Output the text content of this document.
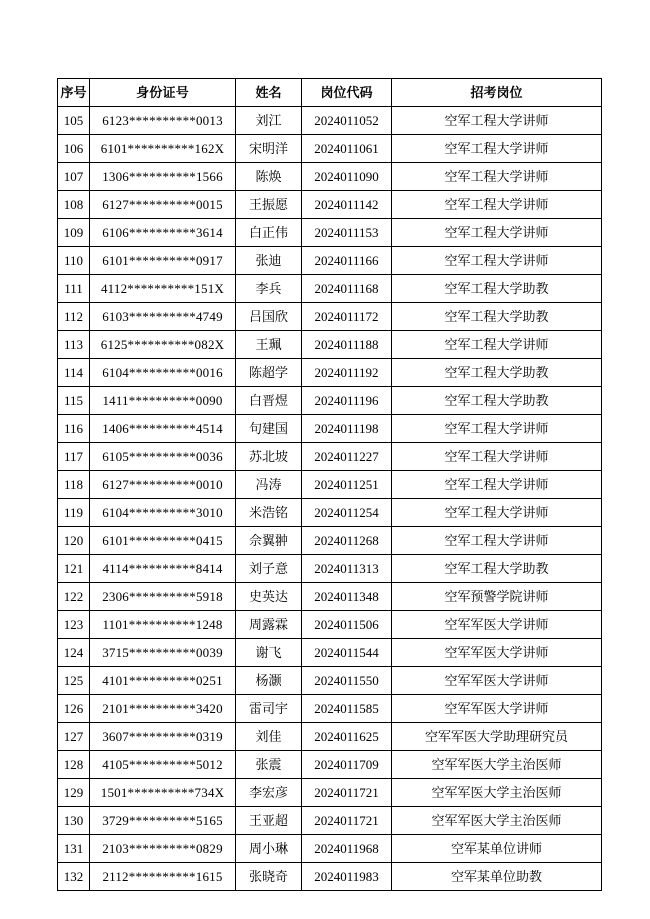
序号	身份证号	姓名	岗位代码	招考岗位
105	6123**********0013	刘江	2024011052	空军工程大学讲师
106	6101**********162X	宋明洋	2024011061	空军工程大学讲师
107	1306**********1566	陈焕	2024011090	空军工程大学讲师
108	6127**********0015	王振愿	2024011142	空军工程大学讲师
109	6106**********3614	白正伟	2024011153	空军工程大学讲师
110	6101**********0917	张迪	2024011166	空军工程大学讲师
111	4112**********151X	李兵	2024011168	空军工程大学助教
112	6103**********4749	吕国欣	2024011172	空军工程大学助教
113	6125**********082X	王珮	2024011188	空军工程大学讲师
114	6104**********0016	陈超学	2024011192	空军工程大学助教
115	1411**********0090	白晋煜	2024011196	空军工程大学助教
116	1406**********4514	句建国	2024011198	空军工程大学讲师
117	6105**********0036	苏北坡	2024011227	空军工程大学讲师
118	6127**********0010	冯涛	2024011251	空军工程大学讲师
119	6104**********3010	米浩铭	2024011254	空军工程大学讲师
120	6101**********0415	佘翼翀	2024011268	空军工程大学讲师
121	4114**********8414	刘子意	2024011313	空军工程大学助教
122	2306**********5918	史英达	2024011348	空军预警学院讲师
123	1101**********1248	周露霖	2024011506	空军军医大学讲师
124	3715**********0039	谢飞	2024011544	空军军医大学讲师
125	4101**********0251	杨灏	2024011550	空军军医大学讲师
126	2101**********3420	雷司宇	2024011585	空军军医大学讲师
127	3607**********0319	刘佳	2024011625	空军军医大学助理研究员
128	4105**********5012	张震	2024011709	空军军医大学主治医师
129	1501**********734X	李宏彦	2024011721	空军军医大学主治医师
130	3729**********5165	王亚超	2024011721	空军军医大学主治医师
131	2103**********0829	周小琳	2024011968	空军某单位讲师
132	2112**********1615	张晓奇	2024011983	空军某单位助教
